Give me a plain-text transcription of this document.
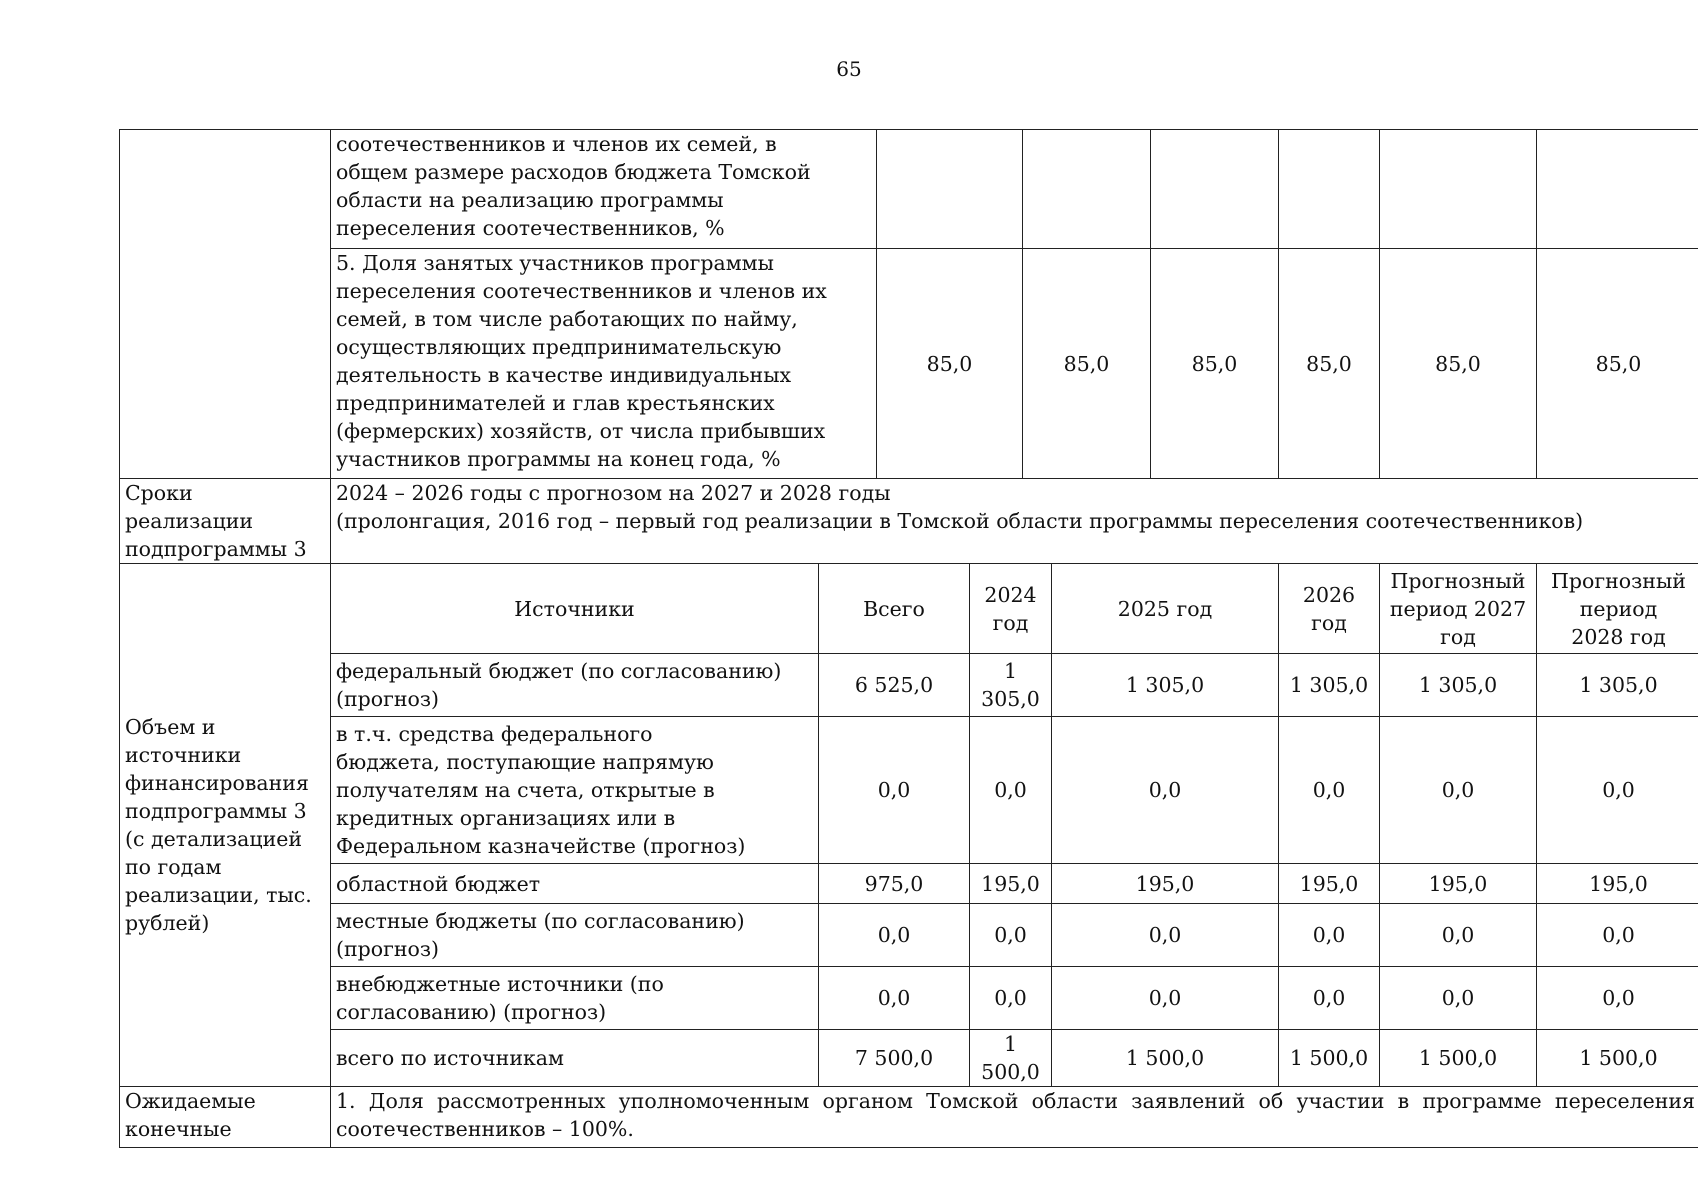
65
	соотечественников и членов их семей, в общем размере расходов бюджета Томской области на реализацию программы переселения соотечественников, %									
	5. Доля занятых участников программы переселения соотечественников и членов их семей, в том числе работающих по найму, осуществляющих предпринимательскую деятельность в качестве индивидуальных предпринимателей и глав крестьянских (фермерских) хозяйств, от числа прибывших участников программы на конец года, %		85,0		85,0		85,0	85,0	85,0	85,0
Сроки реализации подпрограммы 3	2024 – 2026 годы с прогнозом на 2027 и 2028 годы
(пролонгация, 2016 год – первый год реализации в Томской области программы переселения соотечественников)									

Объем и источники финансирования подпрограммы 3 (с детализацией по годам реализации, тыс. рублей)	Источники	Всего		2024 год		2025 год		2026 год	Прогнозный период 2027 год	Прогнозный период 2028 год
	федеральный бюджет (по согласованию) (прогноз)	6 525,0		1 305,0		1 305,0		1 305,0	1 305,0	1 305,0
	в т.ч. средства федерального бюджета, поступающие напрямую получателям на счета, открытые в кредитных организациях или в Федеральном казначействе (прогноз)	0,0		0,0		0,0		0,0	0,0	0,0
	областной бюджет	975,0		195,0		195,0		195,0	195,0	195,0
	местные бюджеты (по согласованию) (прогноз)	0,0		0,0		0,0		0,0	0,0	0,0
	внебюджетные источники (по согласованию) (прогноз)	0,0		0,0		0,0		0,0	0,0	0,0
	всего по источникам	7 500,0		1 500,0		1 500,0		1 500,0	1 500,0	1 500,0
Ожидаемые конечные	1. Доля рассмотренных уполномоченным органом Томской области заявлений об участии в программе переселения соотечественников – 100%.									
